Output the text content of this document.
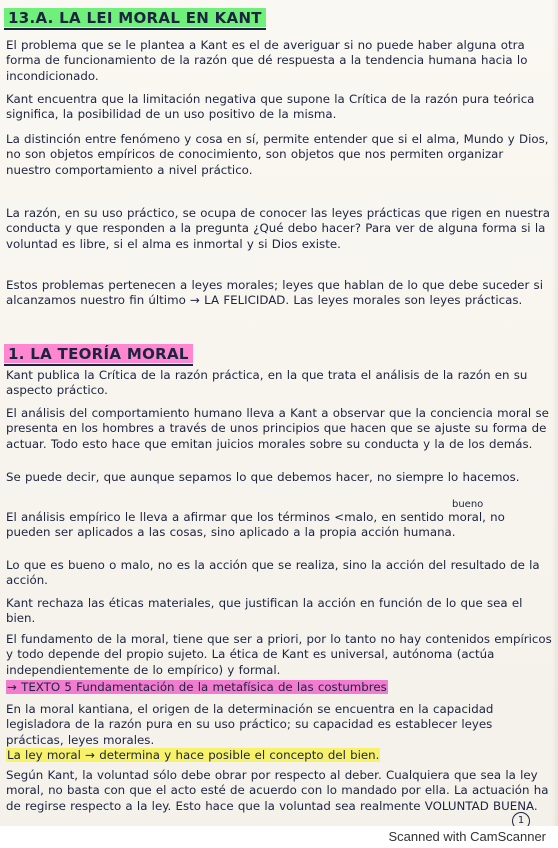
13.A. LA LEI MORAL EN KANT
El problema que se le plantea a Kant es el de averiguar si no puede haber alguna otra forma de funcionamiento de la razón que dé respuesta a la tendencia humana hacia lo incondicionado.
Kant encuentra que la limitación negativa que supone la Crítica de la razón pura teórica significa, la posibilidad de un uso positivo de la misma.
La distinción entre fenómeno y cosa en sí, permite entender que si el alma, Mundo y Dios, no son objetos empíricos de conocimiento, son objetos que nos permiten organizar nuestro comportamiento a nivel práctico.
La razón, en su uso práctico, se ocupa de conocer las leyes prácticas que rigen en nuestra conducta y que responden a la pregunta ¿Qué debo hacer? Para ver de alguna forma si la voluntad es libre, si el alma es inmortal y si Dios existe.
Estos problemas pertenecen a leyes morales; leyes que hablan de lo que debe suceder si alcanzamos nuestro fin último → LA FELICIDAD. Las leyes morales son leyes prácticas.
1. LA TEORÍA MORAL
Kant publica la Crítica de la razón práctica, en la que trata el análisis de la razón en su aspecto práctico.
El análisis del comportamiento humano lleva a Kant a observar que la conciencia moral se presenta en los hombres a través de unos principios que hacen que se ajuste su forma de actuar. Todo esto hace que emitan juicios morales sobre su conducta y la de los demás.
Se puede decir, que aunque sepamos lo que debemos hacer, no siempre lo hacemos.
bueno
El análisis empírico le lleva a afirmar que los términos <malo, en sentido moral, no pueden ser aplicados a las cosas, sino aplicado a la propia acción humana.
Lo que es bueno o malo, no es la acción que se realiza, sino la acción del resultado de la acción.
Kant rechaza las éticas materiales, que justifican la acción en función de lo que sea el bien.
El fundamento de la moral, tiene que ser a priori, por lo tanto no hay contenidos empíricos y todo depende del propio sujeto. La ética de Kant es universal, autónoma (actúa independientemente de lo empírico) y formal.
→ TEXTO 5 Fundamentación de la metafísica de las costumbres
En la moral kantiana, el origen de la determinación se encuentra en la capacidad legisladora de la razón pura en su uso práctico; su capacidad es establecer leyes prácticas, leyes morales.
La ley moral → determina y hace posible el concepto del bien.
Según Kant, la voluntad sólo debe obrar por respecto al deber. Cualquiera que sea la ley moral, no basta con que el acto esté de acuerdo con lo mandado por ella. La actuación ha de regirse respecto a la ley. Esto hace que la voluntad sea realmente VOLUNTAD BUENA.
1
Scanned with CamScanner
